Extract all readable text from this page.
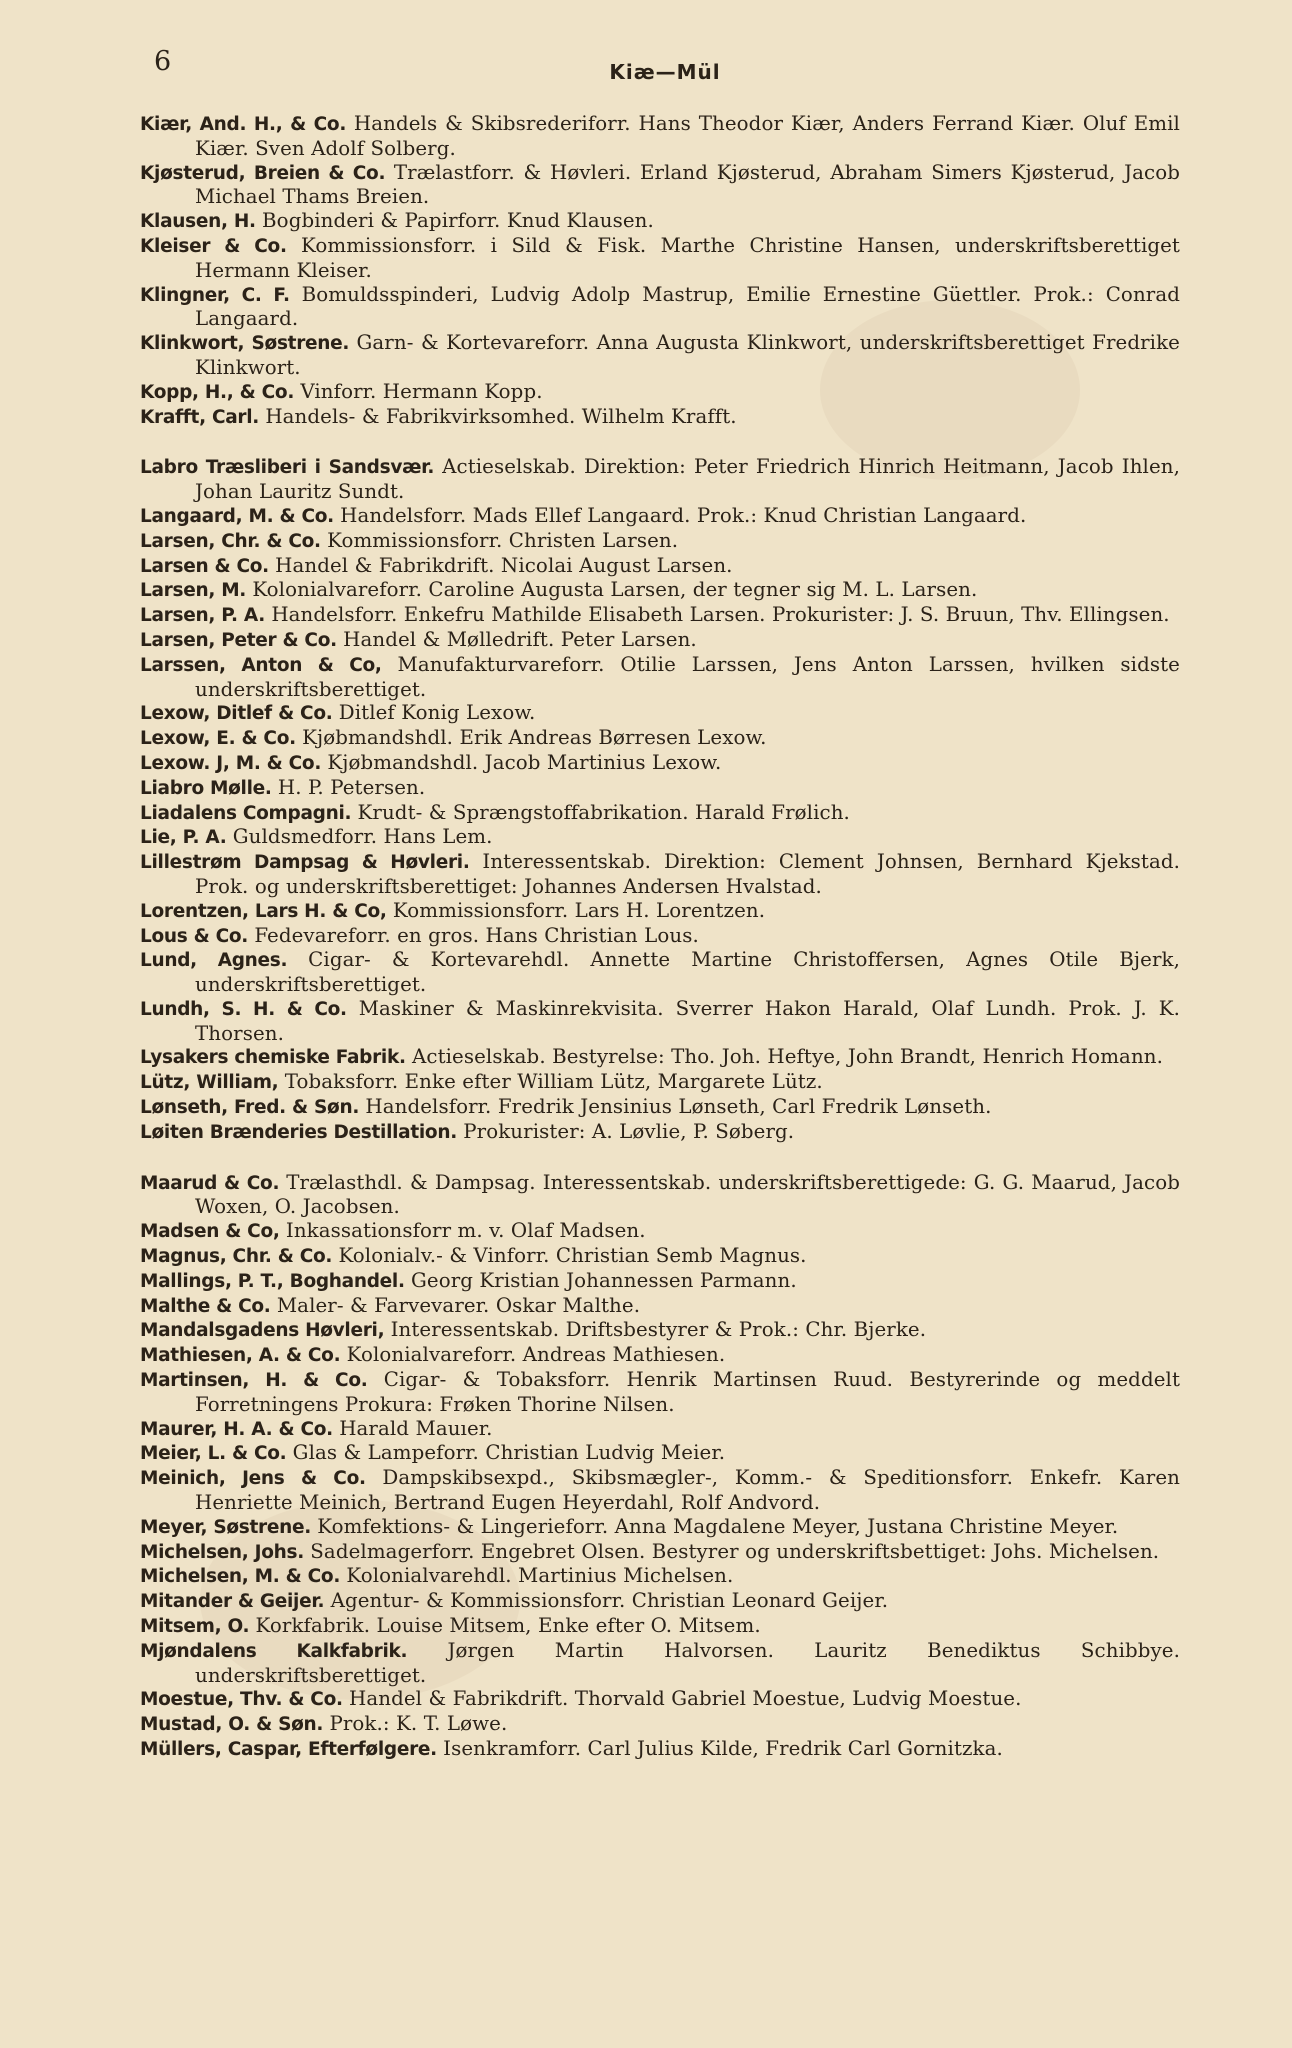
6	Kiæ—Mül
Kiær, And. H., & Co. Handels & Skibsrederiforr. Hans Theodor Kiær, Anders Ferrand Kiær. Oluf Emil Kiær. Sven Adolf Solberg.
Kjøsterud, Breien & Co. Trælastforr. & Høvleri. Erland Kjøsterud, Abraham Simers Kjøsterud, Jacob Michael Thams Breien.
Klausen, H. Bogbinderi & Papirforr. Knud Klausen.
Kleiser & Co. Kommissionsforr. i Sild & Fisk. Marthe Christine Hansen, underskriftsberettiget Hermann Kleiser.
Klingner, C. F. Bomuldsspinderi, Ludvig Adolp Mastrup, Emilie Ernestine Güettler. Prok.: Conrad Langaard.
Klinkwort, Søstrene. Garn- & Kortevareforr. Anna Augusta Klinkwort, underskriftsberettiget Fredrike Klinkwort.
Kopp, H., & Co. Vinforr. Hermann Kopp.
Krafft, Carl. Handels- & Fabrikvirksomhed. Wilhelm Krafft.
Labro Træsliberi i Sandsvær. Actieselskab. Direktion: Peter Friedrich Hinrich Heitmann, Jacob Ihlen, Johan Lauritz Sundt.
Langaard, M. & Co. Handelsforr. Mads Ellef Langaard. Prok.: Knud Christian Langaard.
Larsen, Chr. & Co. Kommissionsforr. Christen Larsen.
Larsen & Co. Handel & Fabrikdrift. Nicolai August Larsen.
Larsen, M. Kolonialvareforr. Caroline Augusta Larsen, der tegner sig M. L. Larsen.
Larsen, P. A. Handelsforr. Enkefru Mathilde Elisabeth Larsen. Prokurister: J. S. Bruun, Thv. Ellingsen.
Larsen, Peter & Co. Handel & Mølledrift. Peter Larsen.
Larssen, Anton & Co, Manufakturvareforr. Otilie Larssen, Jens Anton Larssen, hvilken sidste underskriftsberettiget.
Lexow, Ditlef & Co. Ditlef Konig Lexow.
Lexow, E. & Co. Kjøbmandshdl. Erik Andreas Børresen Lexow.
Lexow. J, M. & Co. Kjøbmandshdl. Jacob Martinius Lexow.
Liabro Mølle. H. P. Petersen.
Liadalens Compagni. Krudt- & Sprængstoffabrikation. Harald Frølich.
Lie, P. A. Guldsmedforr. Hans Lem.
Lillestrøm Dampsag & Høvleri. Interessentskab. Direktion: Clement Johnsen, Bernhard Kjekstad. Prok. og underskriftsberettiget: Johannes Andersen Hvalstad.
Lorentzen, Lars H. & Co, Kommissionsforr. Lars H. Lorentzen.
Lous & Co. Fedevareforr. en gros. Hans Christian Lous.
Lund, Agnes. Cigar- & Kortevarehdl. Annette Martine Christoffersen, Agnes Otile Bjerk, underskriftsberettiget.
Lundh, S. H. & Co. Maskiner & Maskinrekvisita. Sverrer Hakon Harald, Olaf Lundh. Prok. J. K. Thorsen.
Lysakers chemiske Fabrik. Actieselskab. Bestyrelse: Tho. Joh. Heftye, John Brandt, Henrich Homann.
Lütz, William, Tobaksforr. Enke efter William Lütz, Margarete Lütz.
Lønseth, Fred. & Søn. Handelsforr. Fredrik Jensinius Lønseth, Carl Fredrik Lønseth.
Løiten Brænderies Destillation. Prokurister: A. Løvlie, P. Søberg.
Maarud & Co. Trælasthdl. & Dampsag. Interessentskab. underskriftsberettigede: G. G. Maarud, Jacob Woxen, O. Jacobsen.
Madsen & Co, Inkassationsforr m. v. Olaf Madsen.
Magnus, Chr. & Co. Kolonialv.- & Vinforr. Christian Semb Magnus.
Mallings, P. T., Boghandel. Georg Kristian Johannessen Parmann.
Malthe & Co. Maler- & Farvevarer. Oskar Malthe.
Mandalsgadens Høvleri, Interessentskab. Driftsbestyrer & Prok.: Chr. Bjerke.
Mathiesen, A. & Co. Kolonialvareforr. Andreas Mathiesen.
Martinsen, H. & Co. Cigar- & Tobaksforr. Henrik Martinsen Ruud. Bestyrerinde og meddelt Forretningens Prokura: Frøken Thorine Nilsen.
Maurer, H. A. & Co. Harald Mauıer.
Meier, L. & Co. Glas & Lampeforr. Christian Ludvig Meier.
Meinich, Jens & Co. Dampskibsexpd., Skibsmægler-, Komm.- & Speditionsforr. Enkefr. Karen Henriette Meinich, Bertrand Eugen Heyerdahl, Rolf Andvord.
Meyer, Søstrene. Komfektions- & Lingerieforr. Anna Magdalene Meyer, Justana Christine Meyer.
Michelsen, Johs. Sadelmagerforr. Engebret Olsen. Bestyrer og underskriftsbettiget: Johs. Michelsen.
Michelsen, M. & Co. Kolonialvarehdl. Martinius Michelsen.
Mitander & Geijer. Agentur- & Kommissionsforr. Christian Leonard Geijer.
Mitsem, O. Korkfabrik. Louise Mitsem, Enke efter O. Mitsem.
Mjøndalens Kalkfabrik. Jørgen Martin Halvorsen. Lauritz Benediktus Schibbye. underskriftsberettiget.
Moestue, Thv. & Co. Handel & Fabrikdrift. Thorvald Gabriel Moestue, Ludvig Moestue.
Mustad, O. & Søn. Prok.: K. T. Løwe.
Müllers, Caspar, Efterfølgere. Isenkramforr. Carl Julius Kilde, Fredrik Carl Gornitzka.
